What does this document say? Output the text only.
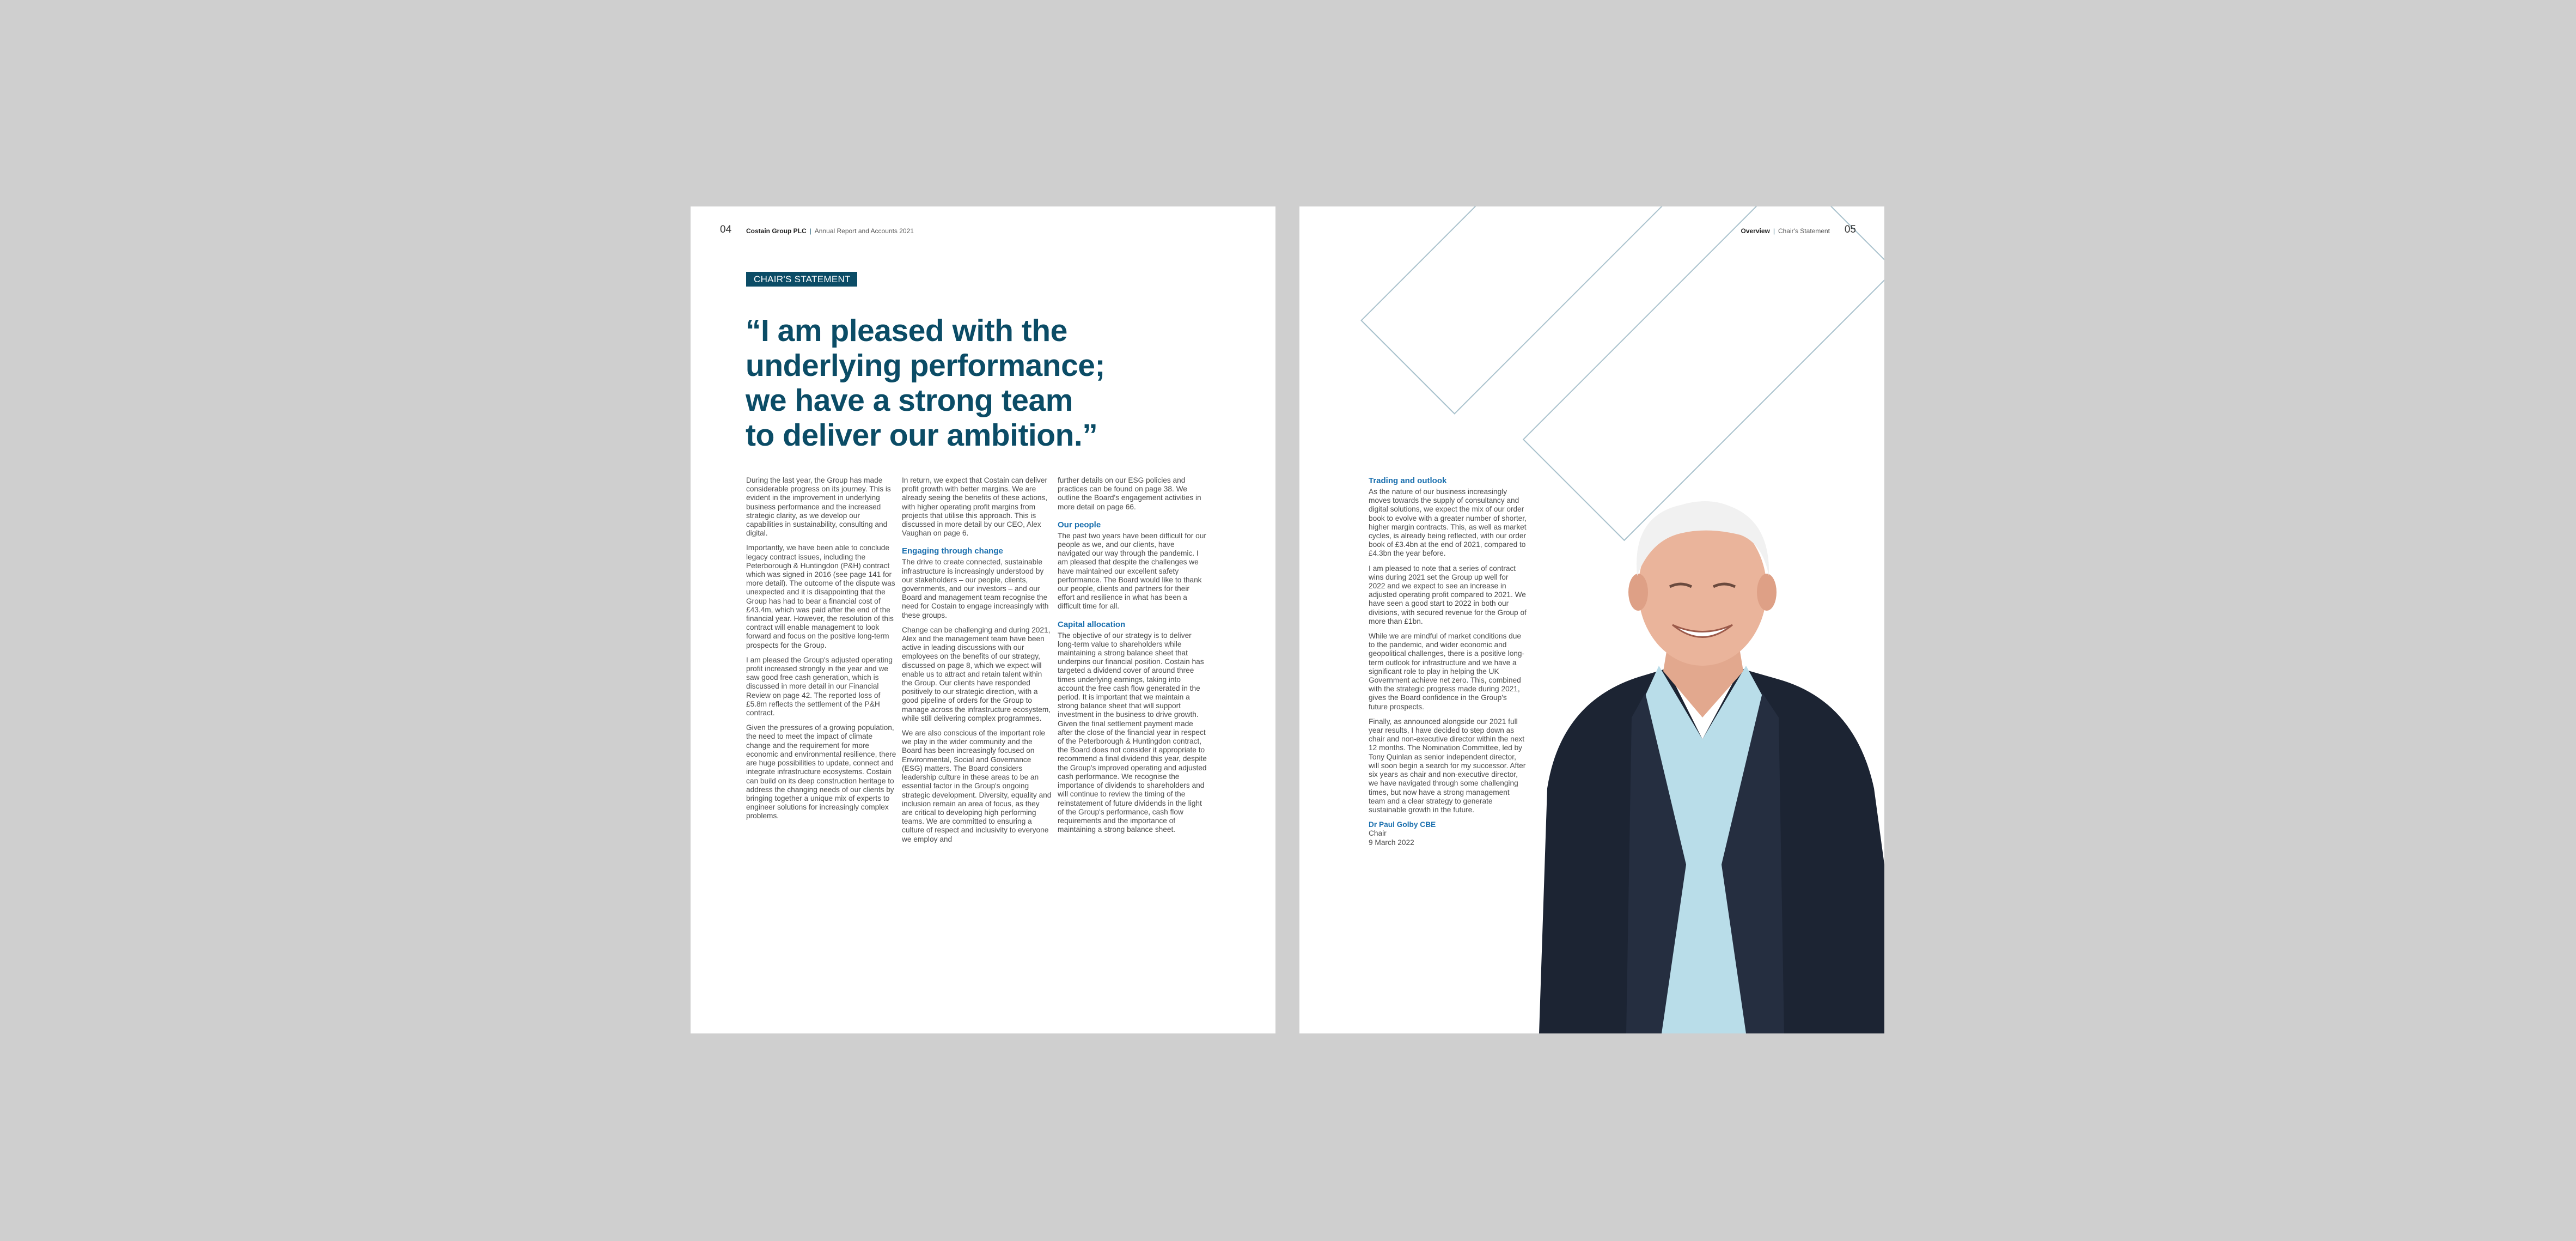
04 Costain Group PLC | Annual Report and Accounts 2021
CHAIR'S STATEMENT
“I am pleased with the
underlying performance;
we have a strong team
to deliver our ambition.”

During the last year, the Group has made considerable progress on its journey. This is evident in the improvement in underlying business performance and the increased strategic clarity, as we develop our capabilities in sustainability, consulting and digital.

Importantly, we have been able to conclude legacy contract issues, including the Peterborough & Huntingdon (P&H) contract which was signed in 2016 (see page 141 for more detail). The outcome of the dispute was unexpected and it is disappointing that the Group has had to bear a financial cost of £43.4m, which was paid after the end of the financial year. However, the resolution of this contract will enable management to look forward and focus on the positive long-term prospects for the Group.

I am pleased the Group's adjusted operating profit increased strongly in the year and we saw good free cash generation, which is discussed in more detail in our Financial Review on page 42. The reported loss of £5.8m reflects the settlement of the P&H contract.

Given the pressures of a growing population, the need to meet the impact of climate change and the requirement for more economic and environmental resilience, there are huge possibilities to update, connect and integrate infrastructure ecosystems. Costain can build on its deep construction heritage to address the changing needs of our clients by bringing together a unique mix of experts to engineer solutions for increasingly complex problems.

In return, we expect that Costain can deliver profit growth with better margins. We are already seeing the benefits of these actions, with higher operating profit margins from projects that utilise this approach. This is discussed in more detail by our CEO, Alex Vaughan on page 6.

Engaging through change

The drive to create connected, sustainable infrastructure is increasingly understood by our stakeholders – our people, clients, governments, and our investors – and our Board and management team recognise the need for Costain to engage increasingly with these groups.

Change can be challenging and during 2021, Alex and the management team have been active in leading discussions with our employees on the benefits of our strategy, discussed on page 8, which we expect will enable us to attract and retain talent within the Group. Our clients have responded positively to our strategic direction, with a good pipeline of orders for the Group to manage across the infrastructure ecosystem, while still delivering complex programmes.

We are also conscious of the important role we play in the wider community and the Board has been increasingly focused on Environmental, Social and Governance (ESG) matters. The Board considers leadership culture in these areas to be an essential factor in the Group's ongoing strategic development. Diversity, equality and inclusion remain an area of focus, as they are critical to developing high performing teams. We are committed to ensuring a culture of respect and inclusivity to everyone we employ and

further details on our ESG policies and practices can be found on page 38. We outline the Board's engagement activities in more detail on page 66.

Our people

The past two years have been difficult for our people as we, and our clients, have navigated our way through the pandemic. I am pleased that despite the challenges we have maintained our excellent safety performance. The Board would like to thank our people, clients and partners for their effort and resilience in what has been a difficult time for all.

Capital allocation

The objective of our strategy is to deliver long-term value to shareholders while maintaining a strong balance sheet that underpins our financial position. Costain has targeted a dividend cover of around three times underlying earnings, taking into account the free cash flow generated in the period. It is important that we maintain a strong balance sheet that will support investment in the business to drive growth. Given the final settlement payment made after the close of the financial year in respect of the Peterborough & Huntingdon contract, the Board does not consider it appropriate to recommend a final dividend this year, despite the Group's improved operating and adjusted cash performance. We recognise the importance of dividends to shareholders and will continue to review the timing of the reinstatement of future dividends in the light of the Group's performance, cash flow requirements and the importance of maintaining a strong balance sheet.

Overview | Chair's Statement 05
Trading and outlook

As the nature of our business increasingly moves towards the supply of consultancy and digital solutions, we expect the mix of our order book to evolve with a greater number of shorter, higher margin contracts. This, as well as market cycles, is already being reflected, with our order book of £3.4bn at the end of 2021, compared to £4.3bn the year before.

I am pleased to note that a series of contract wins during 2021 set the Group up well for 2022 and we expect to see an increase in adjusted operating profit compared to 2021. We have seen a good start to 2022 in both our divisions, with secured revenue for the Group of more than £1bn.

While we are mindful of market conditions due to the pandemic, and wider economic and geopolitical challenges, there is a positive long-term outlook for infrastructure and we have a significant role to play in helping the UK Government achieve net zero. This, combined with the strategic progress made during 2021, gives the Board confidence in the Group's future prospects.

Finally, as announced alongside our 2021 full year results, I have decided to step down as chair and non-executive director within the next 12 months. The Nomination Committee, led by Tony Quinlan as senior independent director, will soon begin a search for my successor. After six years as chair and non-executive director, we have navigated through some challenging times, but now have a strong management team and a clear strategy to generate sustainable growth in the future.

Dr Paul Golby CBE
Chair
9 March 2022
